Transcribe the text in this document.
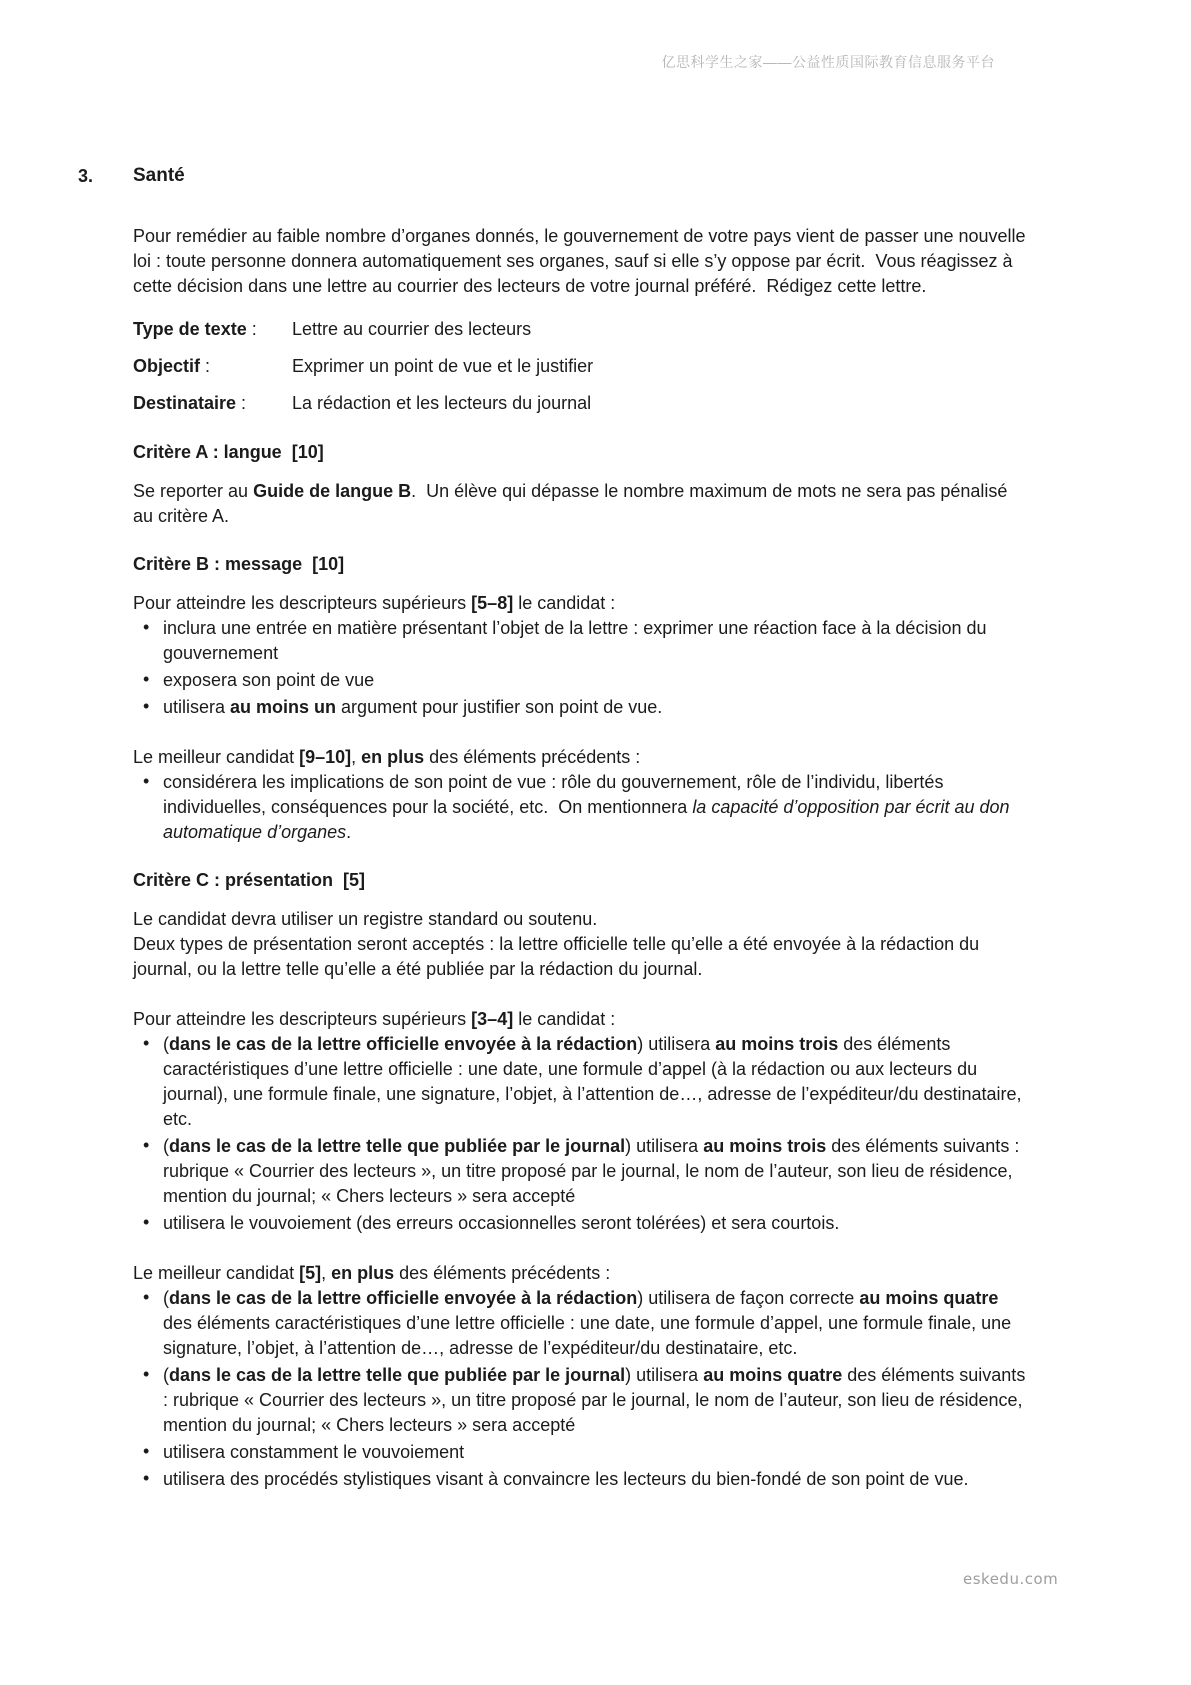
亿思科学生之家——公益性质国际教育信息服务平台
3. Santé

Pour remédier au faible nombre d’organes donnés, le gouvernement de votre pays vient de passer une nouvelle loi : toute personne donnera automatiquement ses organes, sauf si elle s’y oppose par écrit.  Vous réagissez à cette décision dans une lettre au courrier des lecteurs de votre journal préféré.  Rédigez cette lettre.

Type de texte : Lettre au courrier des lecteurs
Objectif :	Exprimer un point de vue et le justifier
Destinataire :	La rédaction et les lecteurs du journal
Critère A : langue  [10]

Se reporter au Guide de langue B.  Un élève qui dépasse le nombre maximum de mots ne sera pas pénalisé au critère A.

Critère B : message  [10]

Pour atteindre les descripteurs supérieurs [5–8] le candidat :

• inclura une entrée en matière présentant l’objet de la lettre : exprimer une réaction face à la décision du gouvernement
• exposera son point de vue
• utilisera au moins un argument pour justifier son point de vue.

Le meilleur candidat [9–10], en plus des éléments précédents :

• considérera les implications de son point de vue : rôle du gouvernement, rôle de l’individu, libertés individuelles, conséquences pour la société, etc.  On mentionnera la capacité d’opposition par écrit au don automatique d’organes.
Critère C : présentation  [5]

Le candidat devra utiliser un registre standard ou soutenu.

Deux types de présentation seront acceptés : la lettre officielle telle qu’elle a été envoyée à la rédaction du journal, ou la lettre telle qu’elle a été publiée par la rédaction du journal.

Pour atteindre les descripteurs supérieurs [3–4] le candidat :

• (dans le cas de la lettre officielle envoyée à la rédaction) utilisera au moins trois des éléments caractéristiques d’une lettre officielle : une date, une formule d’appel (à la rédaction ou aux lecteurs du journal), une formule finale, une signature, l’objet, à l’attention de…, adresse de l’expéditeur/du destinataire, etc.
• (dans le cas de la lettre telle que publiée par le journal) utilisera au moins trois des éléments suivants : rubrique « Courrier des lecteurs », un titre proposé par le journal, le nom de l’auteur, son lieu de résidence, mention du journal; « Chers lecteurs » sera accepté
• utilisera le vouvoiement (des erreurs occasionnelles seront tolérées) et sera courtois.

Le meilleur candidat [5], en plus des éléments précédents :

• (dans le cas de la lettre officielle envoyée à la rédaction) utilisera de façon correcte au moins quatre des éléments caractéristiques d’une lettre officielle : une date, une formule d’appel, une formule finale, une signature, l’objet, à l’attention de…, adresse de l’expéditeur/du destinataire, etc.
• (dans le cas de la lettre telle que publiée par le journal) utilisera au moins quatre des éléments suivants : rubrique « Courrier des lecteurs », un titre proposé par le journal, le nom de l’auteur, son lieu de résidence, mention du journal; « Chers lecteurs » sera accepté
• utilisera constamment le vouvoiement
• utilisera des procédés stylistiques visant à convaincre les lecteurs du bien-fondé de son point de vue.
eskedu.com
